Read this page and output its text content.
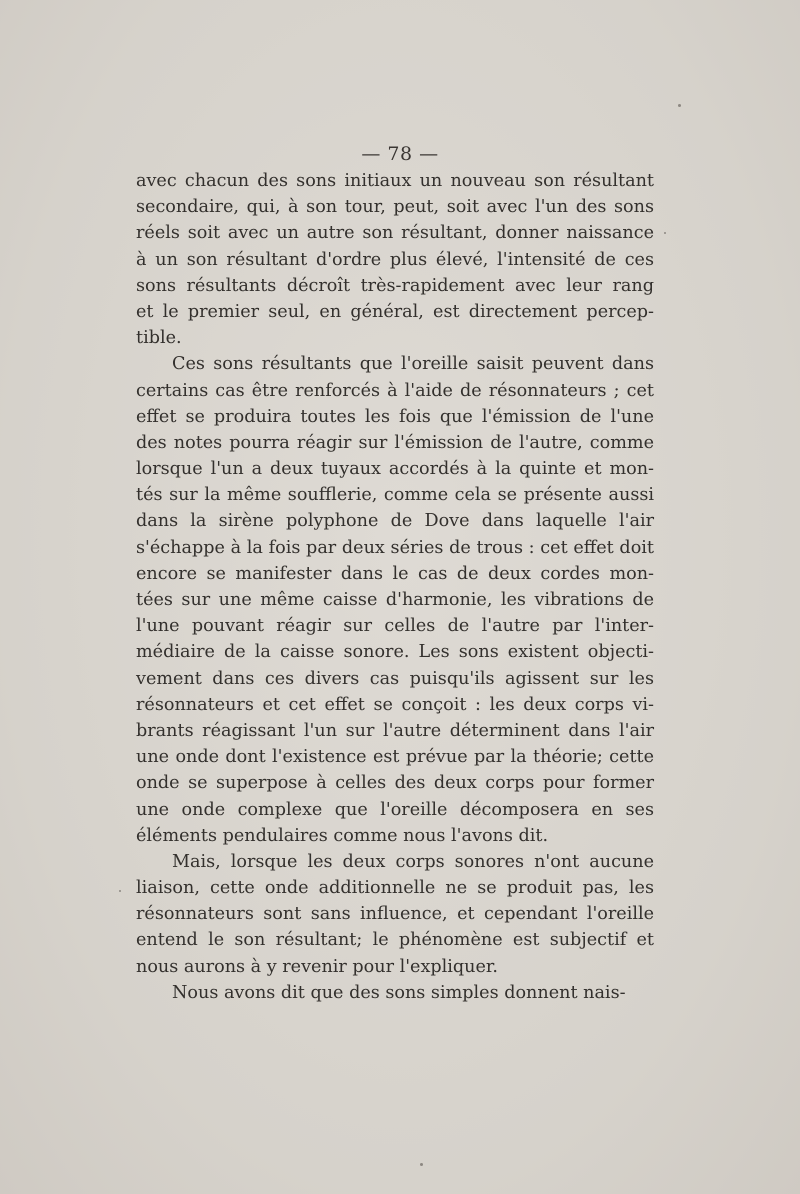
— 78 —
avec chacun des sons initiaux un nouveau son résultant
secondaire, qui, à son tour, peut, soit avec l'un des sons
réels soit avec un autre son résultant, donner naissance
à un son résultant d'ordre plus élevé, l'intensité de ces
sons résultants décroît très-rapidement avec leur rang
et le premier seul, en général, est directement percep-
tible.
Ces sons résultants que l'oreille saisit peuvent dans
certains cas être renforcés à l'aide de résonnateurs ; cet
effet se produira toutes les fois que l'émission de l'une
des notes pourra réagir sur l'émission de l'autre, comme
lorsque l'un a deux tuyaux accordés à la quinte et mon-
tés sur la même soufflerie, comme cela se présente aussi
dans la sirène polyphone de Dove dans laquelle l'air
s'échappe à la fois par deux séries de trous : cet effet doit
encore se manifester dans le cas de deux cordes mon-
tées sur une même caisse d'harmonie, les vibrations de
l'une pouvant réagir sur celles de l'autre par l'inter-
médiaire de la caisse sonore. Les sons existent objecti-
vement dans ces divers cas puisqu'ils agissent sur les
résonnateurs et cet effet se conçoit : les deux corps vi-
brants réagissant l'un sur l'autre déterminent dans l'air
une onde dont l'existence est prévue par la théorie; cette
onde se superpose à celles des deux corps pour former
une onde complexe que l'oreille décomposera en ses
éléments pendulaires comme nous l'avons dit.
Mais, lorsque les deux corps sonores n'ont aucune
liaison, cette onde additionnelle ne se produit pas, les
résonnateurs sont sans influence, et cependant l'oreille
entend le son résultant; le phénomène est subjectif et
nous aurons à y revenir pour l'expliquer.
Nous avons dit que des sons simples donnent nais-
